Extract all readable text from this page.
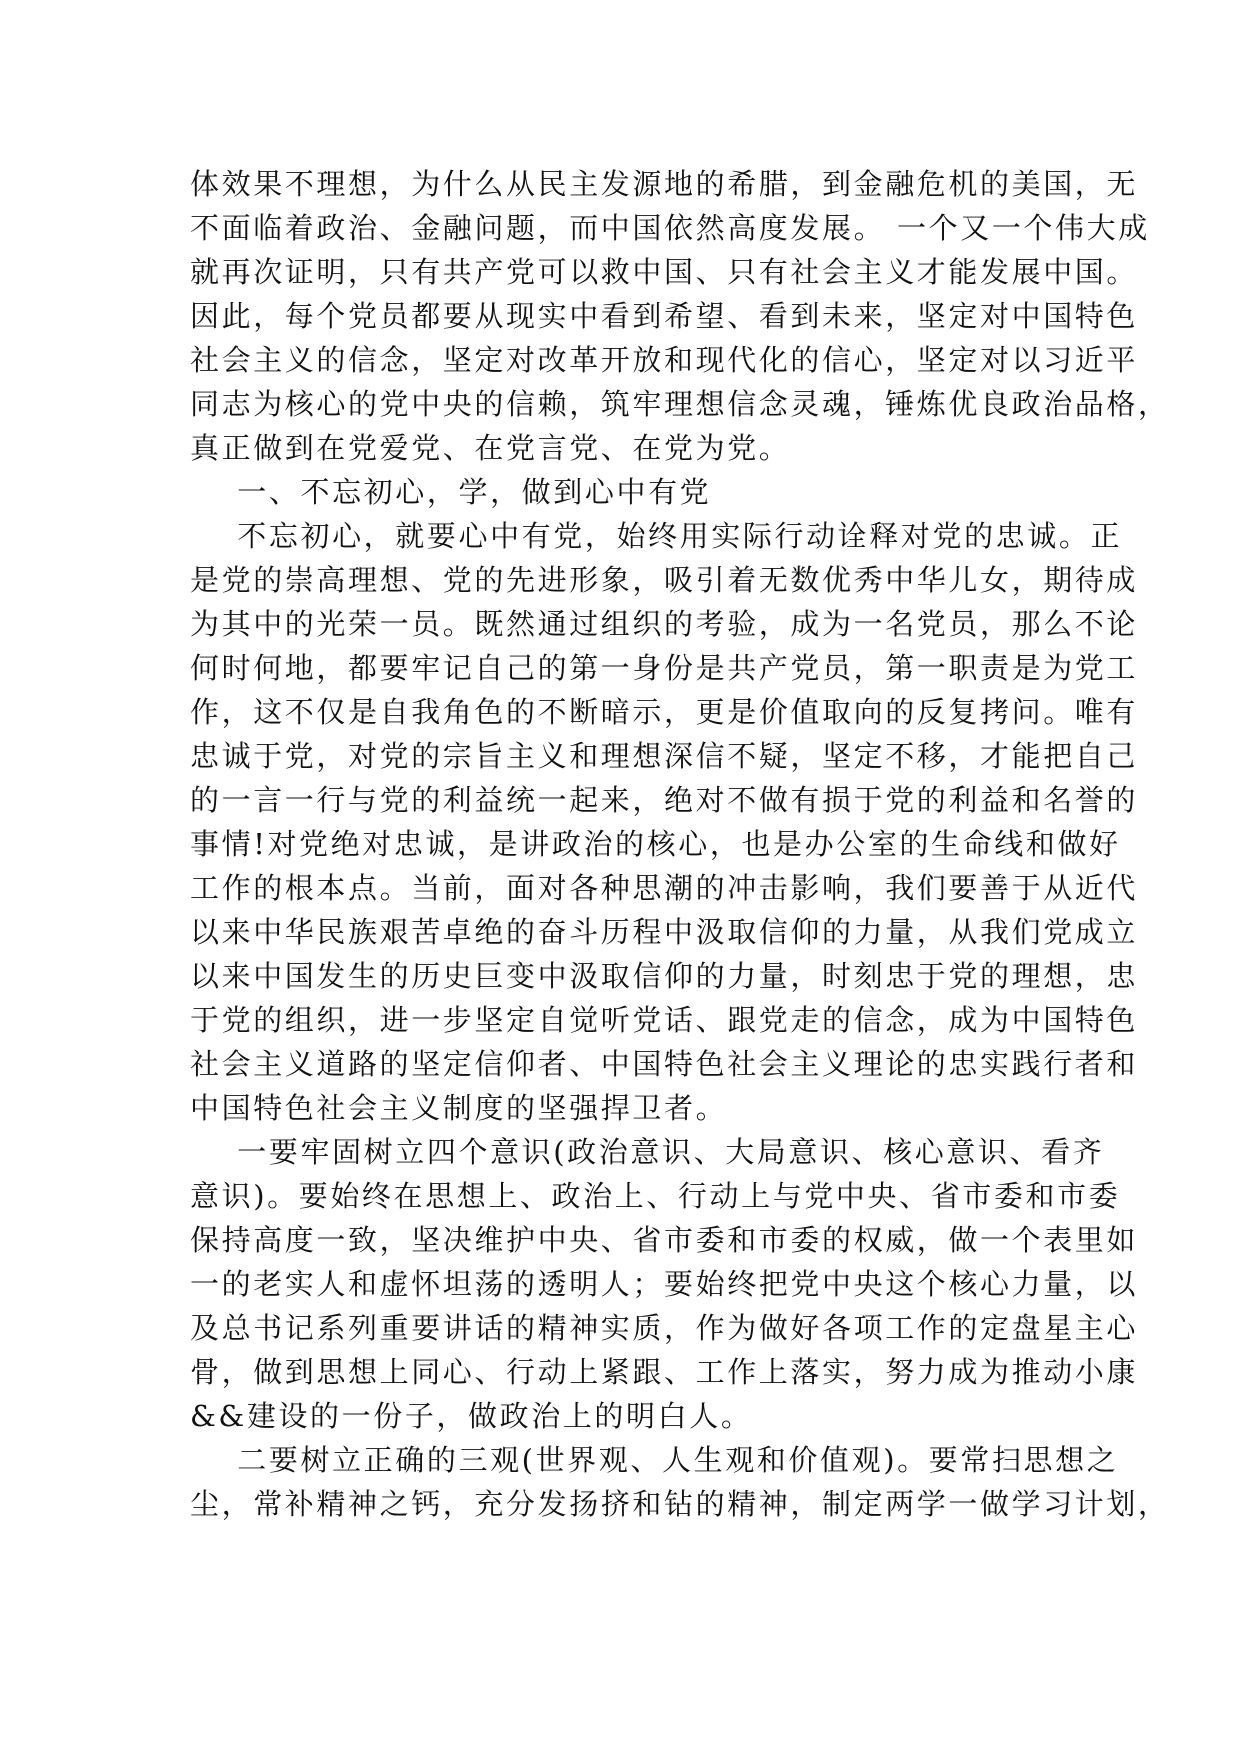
体效果不理想，为什么从民主发源地的希腊，到金融危机的美国，无
不面临着政治、金融问题，而中国依然高度发展。 一个又一个伟大成
就再次证明，只有共产党可以救中国、只有社会主义才能发展中国。
因此，每个党员都要从现实中看到希望、看到未来，坚定对中国特色
社会主义的信念，坚定对改革开放和现代化的信心，坚定对以习近平
同志为核心的党中央的信赖，筑牢理想信念灵魂，锤炼优良政治品格，
真正做到在党爱党、在党言党、在党为党。
一、不忘初心，学，做到心中有党
不忘初心，就要心中有党，始终用实际行动诠释对党的忠诚。正
是党的崇高理想、党的先进形象，吸引着无数优秀中华儿女，期待成
为其中的光荣一员。既然通过组织的考验，成为一名党员，那么不论
何时何地，都要牢记自己的第一身份是共产党员，第一职责是为党工
作，这不仅是自我角色的不断暗示，更是价值取向的反复拷问。唯有
忠诚于党，对党的宗旨主义和理想深信不疑，坚定不移，才能把自己
的一言一行与党的利益统一起来，绝对不做有损于党的利益和名誉的
事情!对党绝对忠诚，是讲政治的核心，也是办公室的生命线和做好
工作的根本点。当前，面对各种思潮的冲击影响，我们要善于从近代
以来中华民族艰苦卓绝的奋斗历程中汲取信仰的力量，从我们党成立
以来中国发生的历史巨变中汲取信仰的力量，时刻忠于党的理想，忠
于党的组织，进一步坚定自觉听党话、跟党走的信念，成为中国特色
社会主义道路的坚定信仰者、中国特色社会主义理论的忠实践行者和
中国特色社会主义制度的坚强捍卫者。
一要牢固树立四个意识(政治意识、大局意识、核心意识、看齐
意识)。要始终在思想上、政治上、行动上与党中央、省市委和市委
保持高度一致，坚决维护中央、省市委和市委的权威，做一个表里如
一的老实人和虚怀坦荡的透明人；要始终把党中央这个核心力量，以
及总书记系列重要讲话的精神实质，作为做好各项工作的定盘星主心
骨，做到思想上同心、行动上紧跟、工作上落实，努力成为推动小康
&&建设的一份子，做政治上的明白人。
二要树立正确的三观(世界观、人生观和价值观)。要常扫思想之
尘，常补精神之钙，充分发扬挤和钻的精神，制定两学一做学习计划，
